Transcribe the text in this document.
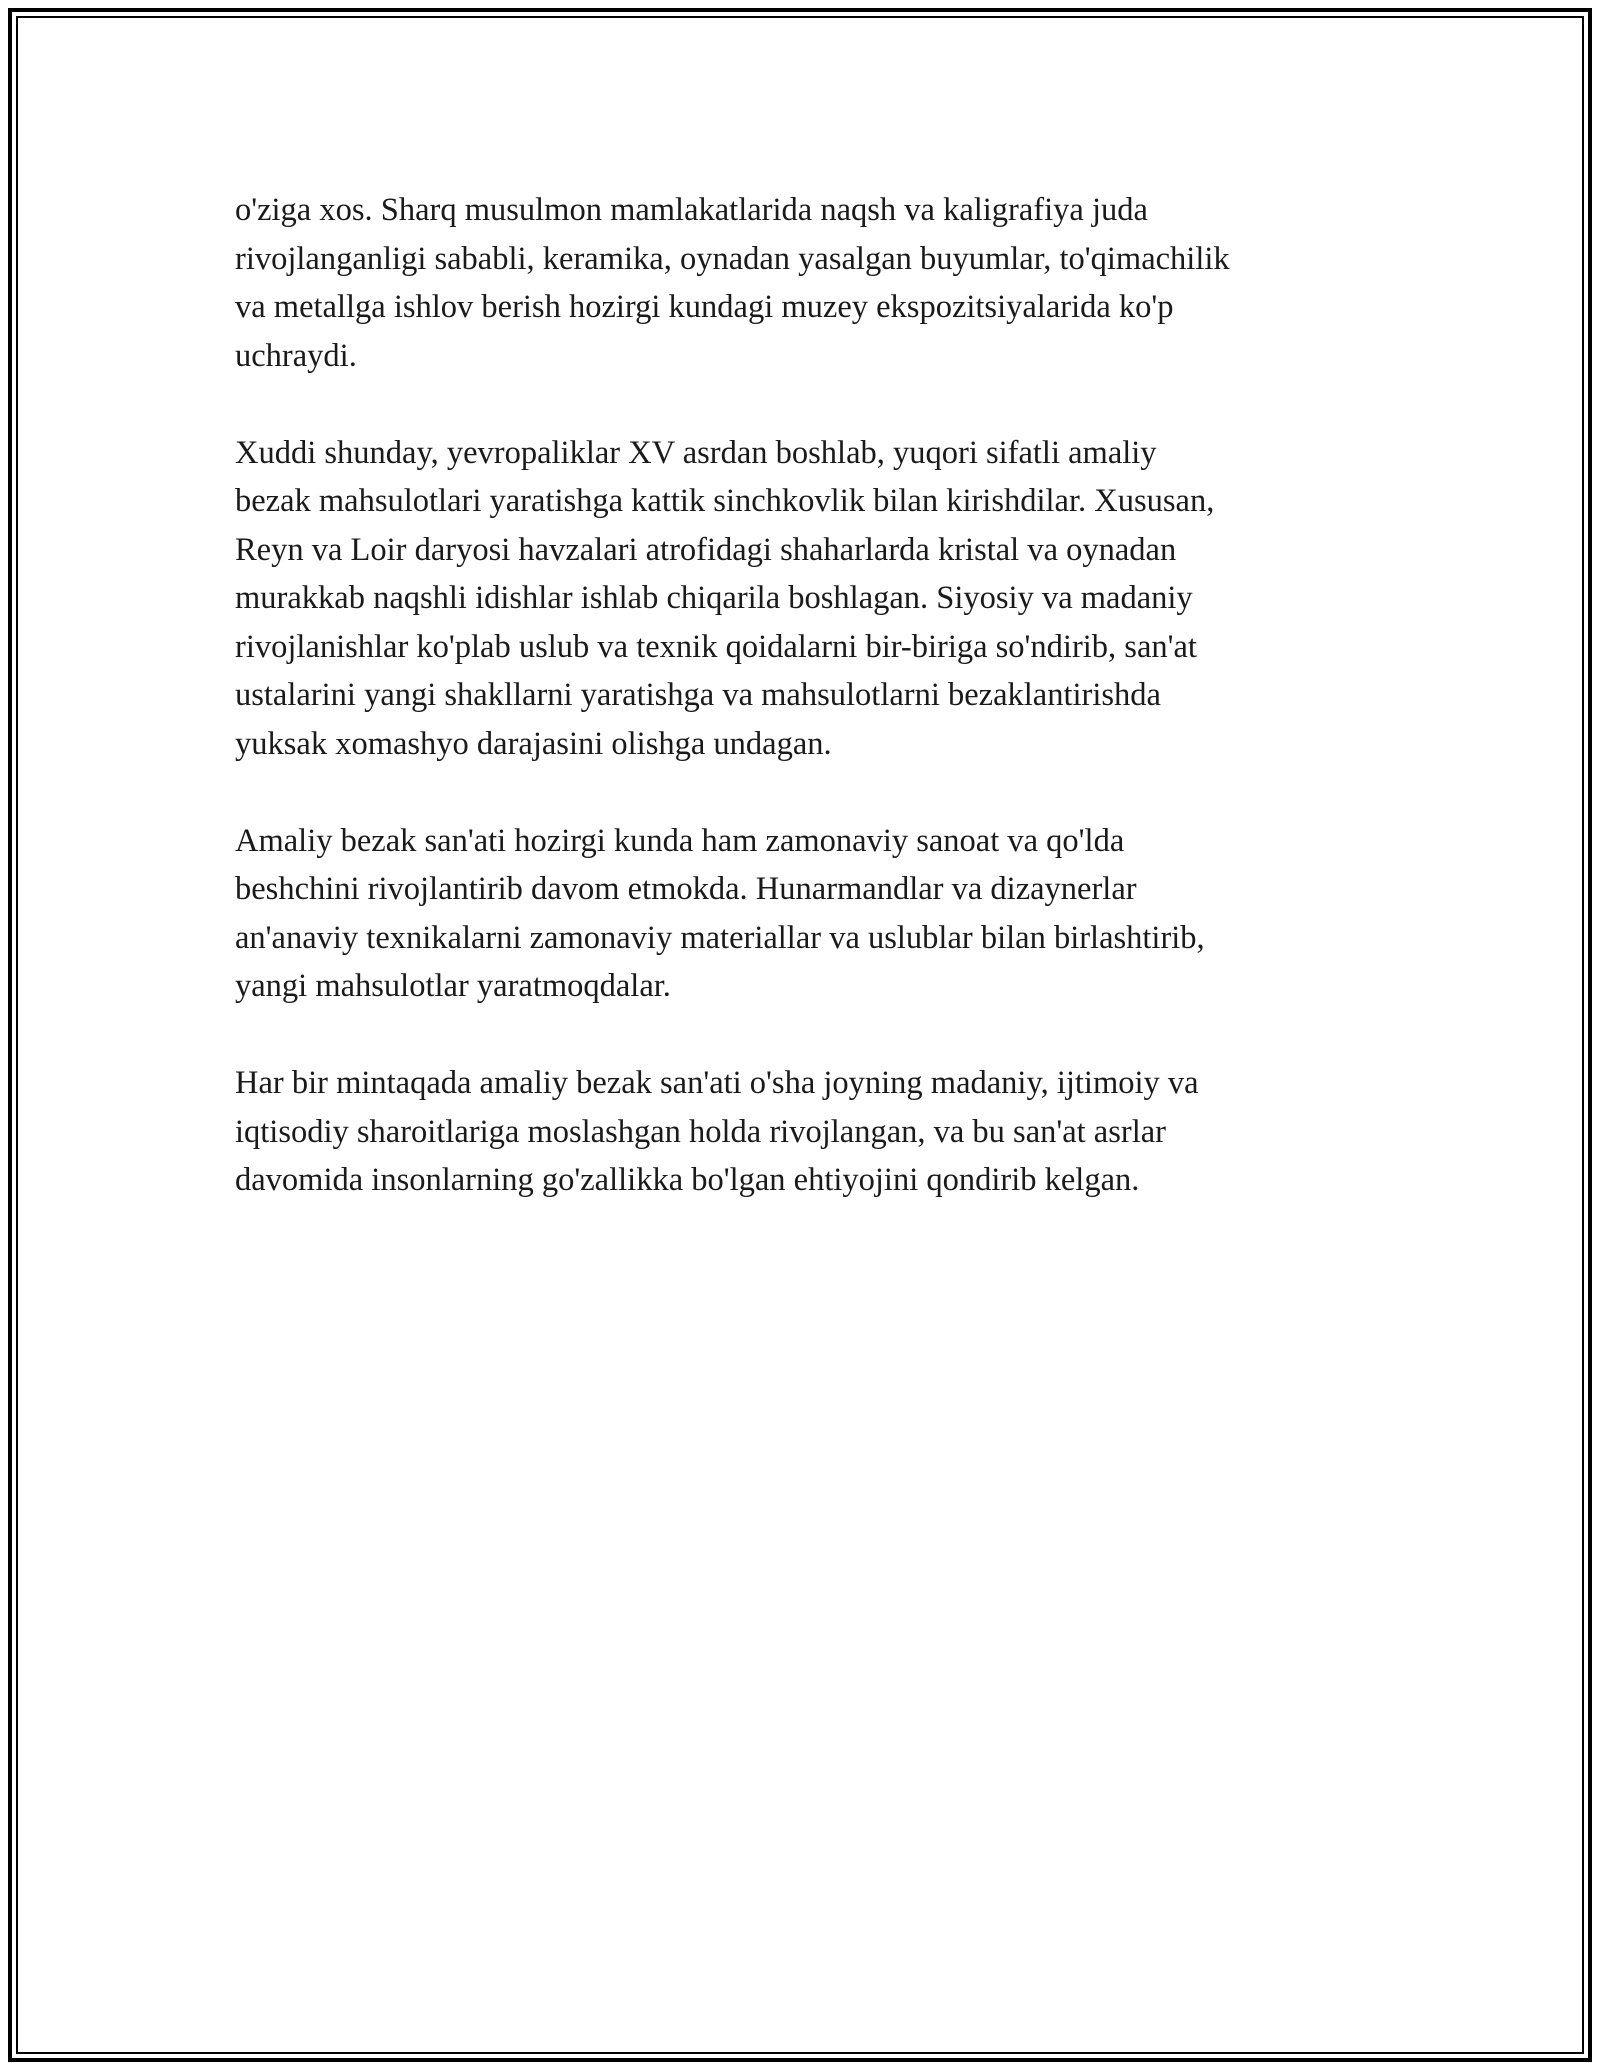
o'ziga xos. Sharq musulmon mamlakatlarida naqsh va kaligrafiya juda
rivojlanganligi sababli, keramika, oynadan yasalgan buyumlar, to'qimachilik
va metallga ishlov berish hozirgi kundagi muzey ekspozitsiyalarida ko'p
uchraydi.

Xuddi shunday, yevropaliklar XV asrdan boshlab, yuqori sifatli amaliy
bezak mahsulotlari yaratishga kattik sinchkovlik bilan kirishdilar. Xususan,
Reyn va Loir daryosi havzalari atrofidagi shaharlarda kristal va oynadan
murakkab naqshli idishlar ishlab chiqarila boshlagan. Siyosiy va madaniy
rivojlanishlar ko'plab uslub va texnik qoidalarni bir-biriga so'ndirib, san'at
ustalarini yangi shakllarni yaratishga va mahsulotlarni bezaklantirishda
yuksak xomashyo darajasini olishga undagan.

Amaliy bezak san'ati hozirgi kunda ham zamonaviy sanoat va qo'lda
beshchini rivojlantirib davom etmokda. Hunarmandlar va dizaynerlar
an'anaviy texnikalarni zamonaviy materiallar va uslublar bilan birlashtirib,
yangi mahsulotlar yaratmoqdalar.

Har bir mintaqada amaliy bezak san'ati o'sha joyning madaniy, ijtimoiy va
iqtisodiy sharoitlariga moslashgan holda rivojlangan, va bu san'at asrlar
davomida insonlarning go'zallikka bo'lgan ehtiyojini qondirib kelgan.
